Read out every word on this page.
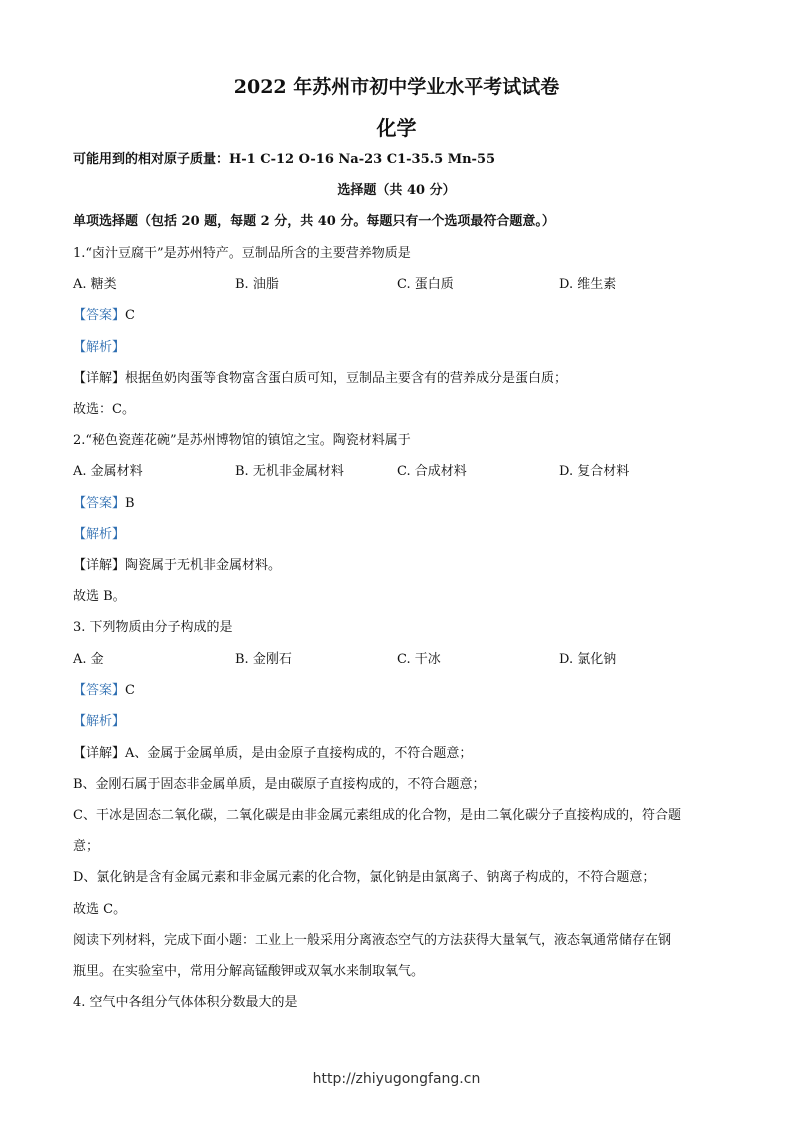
2022 年苏州市初中学业水平考试试卷
化学
可能用到的相对原子质量：H-1 C-12 O-16 Na-23 C1-35.5 Mn-55
选择题（共 40 分）
单项选择题（包括 20 题，每题 2 分，共 40 分。每题只有一个选项最符合题意。）
1.“卤汁豆腐干”是苏州特产。豆制品所含的主要营养物质是
A. 糖类	B. 油脂	C. 蛋白质	D. 维生素
【答案】C
【解析】
【详解】根据鱼奶肉蛋等食物富含蛋白质可知，豆制品主要含有的营养成分是蛋白质；
故选：C。
2.“秘色瓷莲花碗”是苏州博物馆的镇馆之宝。陶瓷材料属于
A. 金属材料	B. 无机非金属材料	C. 合成材料	D. 复合材料
【答案】B
【解析】
【详解】陶瓷属于无机非金属材料。
故选 B。
3. 下列物质由分子构成的是
A. 金	B. 金刚石	C. 干冰	D. 氯化钠
【答案】C
【解析】
【详解】A、金属于金属单质，是由金原子直接构成的，不符合题意；
B、金刚石属于固态非金属单质，是由碳原子直接构成的，不符合题意；
C、干冰是固态二氧化碳，二氧化碳是由非金属元素组成的化合物，是由二氧化碳分子直接构成的，符合题
意；
D、氯化钠是含有金属元素和非金属元素的化合物，氯化钠是由氯离子、钠离子构成的，不符合题意；
故选 C。
阅读下列材料，完成下面小题：工业上一般采用分离液态空气的方法获得大量氧气，液态氧通常储存在钢
瓶里。在实验室中，常用分解高锰酸钾或双氧水来制取氧气。
4. 空气中各组分气体体积分数最大的是
http://zhiyugongfang.cn
